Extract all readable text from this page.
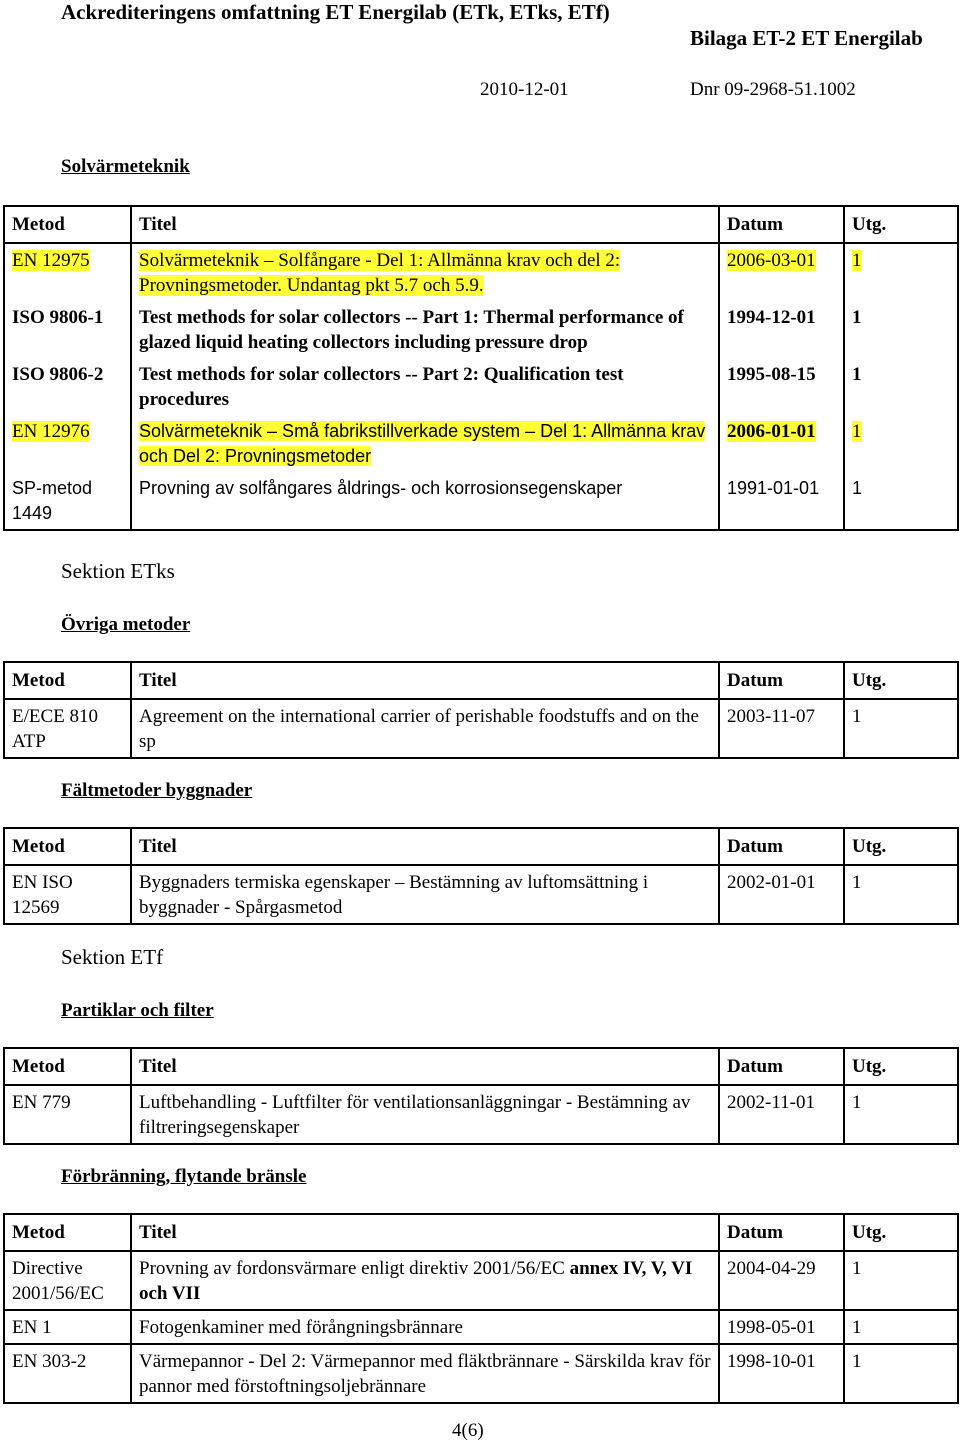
Ackrediteringens omfattning ET Energilab (ETk, ETks, ETf)
Bilaga ET-2 ET Energilab
2010-12-01	Dnr 09-2968-51.1002
Solvärmeteknik
Metod	Titel	Datum	Utg.
EN 12975	Solvärmeteknik – Solfångare - Del 1: Allmänna krav och del 2: Provningsmetoder. Undantag pkt 5.7 och 5.9.	2006-03-01	1
ISO 9806-1	Test methods for solar collectors -- Part 1: Thermal performance of glazed liquid heating collectors including pressure drop	1994-12-01	1
ISO 9806-2	Test methods for solar collectors -- Part 2: Qualification test procedures	1995-08-15	1
EN 12976	Solvärmeteknik – Små fabrikstillverkade system – Del 1: Allmänna krav och Del 2: Provningsmetoder	2006-01-01	1
SP-metod 1449	Provning av solfångares åldrings- och korrosionsegenskaper	1991-01-01	1
Sektion ETks
Övriga metoder
Metod	Titel	Datum	Utg.
E/ECE 810 ATP	Agreement on the international carrier of perishable foodstuffs and on the sp	2003-11-07	1
Fältmetoder byggnader
Metod	Titel	Datum	Utg.
EN ISO 12569	Byggnaders termiska egenskaper – Bestämning av luftomsättning i byggnader - Spårgasmetod	2002-01-01	1
Sektion ETf
Partiklar och filter
Metod	Titel	Datum	Utg.
EN 779	Luftbehandling - Luftfilter för ventilationsanläggningar - Bestämning av filtreringsegenskaper	2002-11-01	1
Förbränning, flytande bränsle
Metod	Titel	Datum	Utg.
Directive 2001/56/EC	Provning av fordonsvärmare enligt direktiv 2001/56/EC annex IV, V, VI och VII	2004-04-29	1
EN 1	Fotogenkaminer med förångningsbrännare	1998-05-01	1
EN 303-2	Värmepannor - Del 2: Värmepannor med fläktbrännare - Särskilda krav för pannor med förstoftningsoljebrännare	1998-10-01	1
4(6)
